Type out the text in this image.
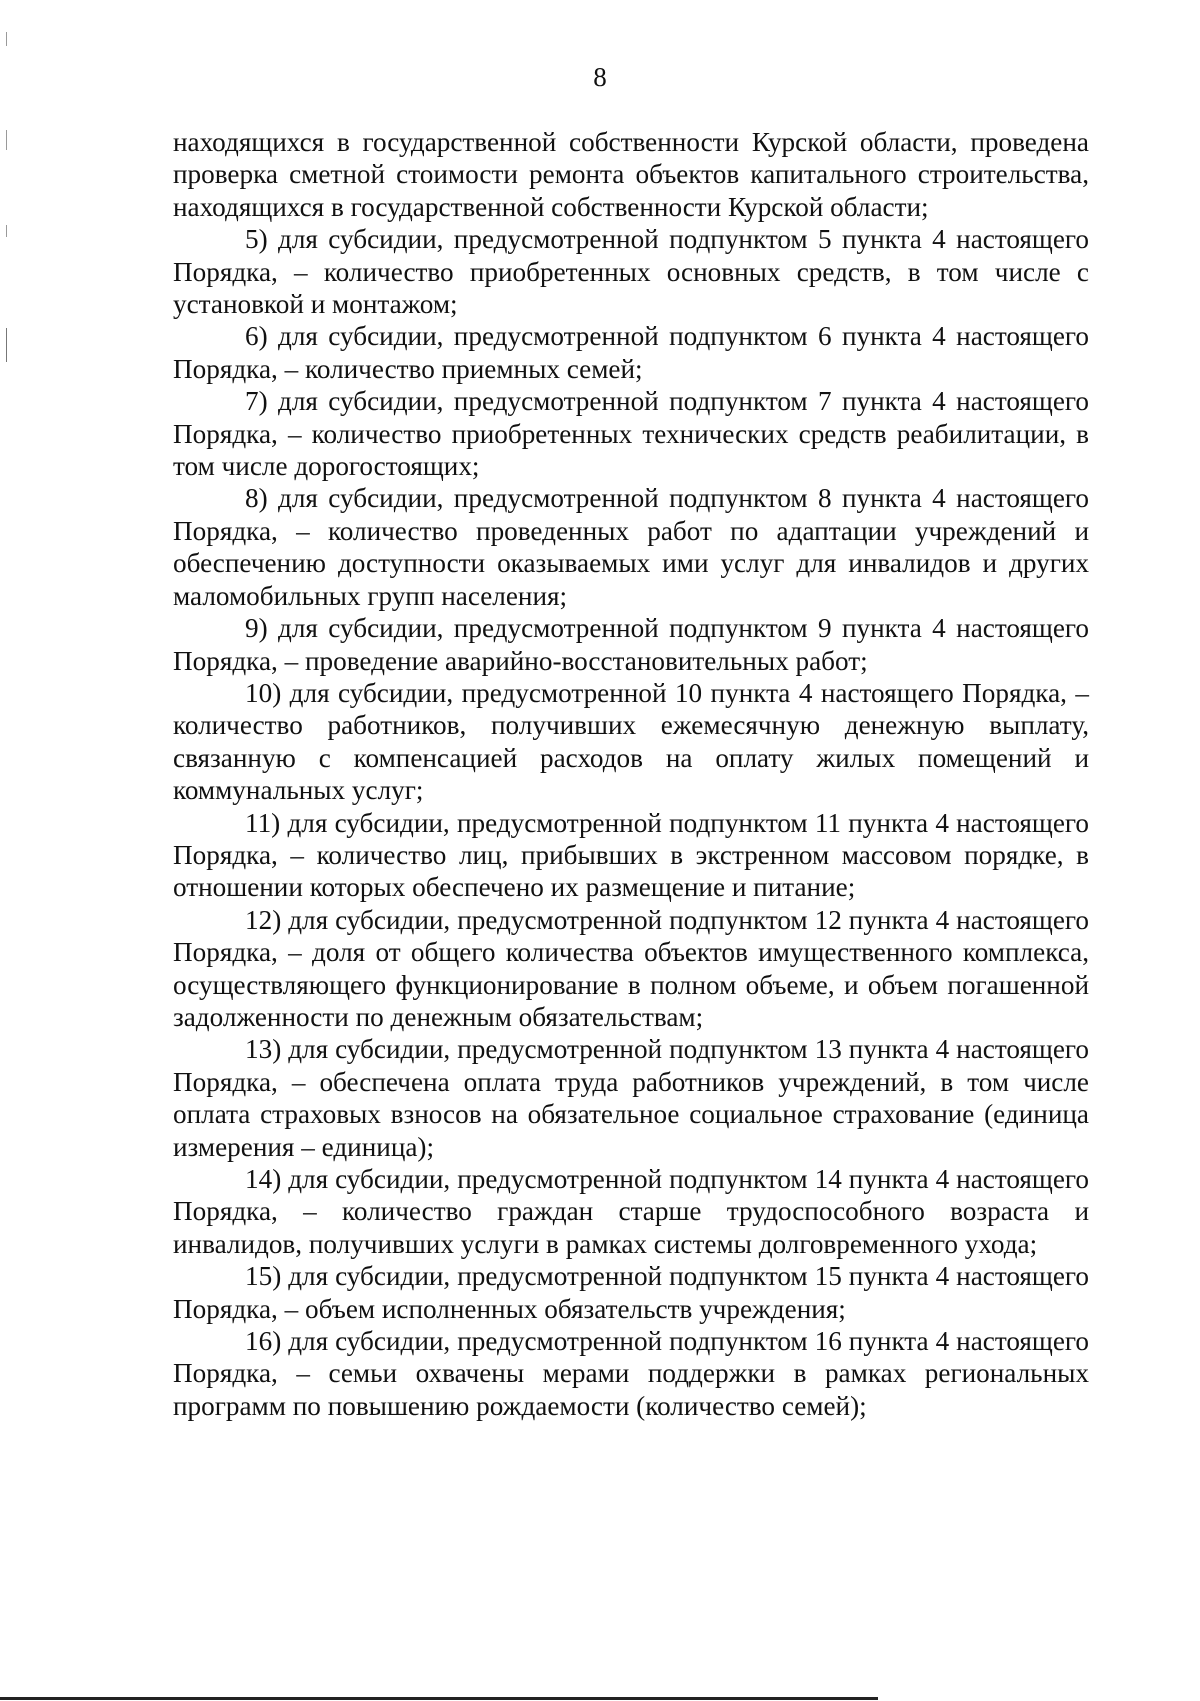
8

находящихся в государственной собственности Курской области, проведена проверка сметной стоимости ремонта объектов капитального строительства, находящихся в государственной собственности Курской области;

5) для субсидии, предусмотренной подпунктом 5 пункта 4 настоящего Порядка, – количество приобретенных основных средств, в том числе с установкой и монтажом;

6) для субсидии, предусмотренной подпунктом 6 пункта 4 настоящего Порядка, – количество приемных семей;

7) для субсидии, предусмотренной подпунктом 7 пункта 4 настоящего Порядка, – количество приобретенных технических средств реабилитации, в том числе дорогостоящих;

8) для субсидии, предусмотренной подпунктом 8 пункта 4 настоящего Порядка, – количество проведенных работ по адаптации учреждений и обеспечению доступности оказываемых ими услуг для инвалидов и других маломобильных групп населения;

9) для субсидии, предусмотренной подпунктом 9 пункта 4 настоящего Порядка, – проведение аварийно-восстановительных работ;

10) для субсидии, предусмотренной 10 пункта 4 настоящего Порядка, – количество работников, получивших ежемесячную денежную выплату, связанную с компенсацией расходов на оплату жилых помещений и коммунальных услуг;

11) для субсидии, предусмотренной подпунктом 11 пункта 4 настоящего Порядка, – количество лиц, прибывших в экстренном массовом порядке, в отношении которых обеспечено их размещение и питание;

12) для субсидии, предусмотренной подпунктом 12 пункта 4 настоящего Порядка, – доля от общего количества объектов имущественного комплекса, осуществляющего функционирование в полном объеме, и объем погашенной задолженности по денежным обязательствам;

13) для субсидии, предусмотренной подпунктом 13 пункта 4 настоящего Порядка, – обеспечена оплата труда работников учреждений, в том числе оплата страховых взносов на обязательное социальное страхование (единица измерения – единица);

14) для субсидии, предусмотренной подпунктом 14 пункта 4 настоящего Порядка, – количество граждан старше трудоспособного возраста и инвалидов, получивших услуги в рамках системы долговременного ухода;

15) для субсидии, предусмотренной подпунктом 15 пункта 4 настоящего Порядка, – объем исполненных обязательств учреждения;

16) для субсидии, предусмотренной подпунктом 16 пункта 4 настоящего Порядка, – семьи охвачены мерами поддержки в рамках региональных программ по повышению рождаемости (количество семей);
